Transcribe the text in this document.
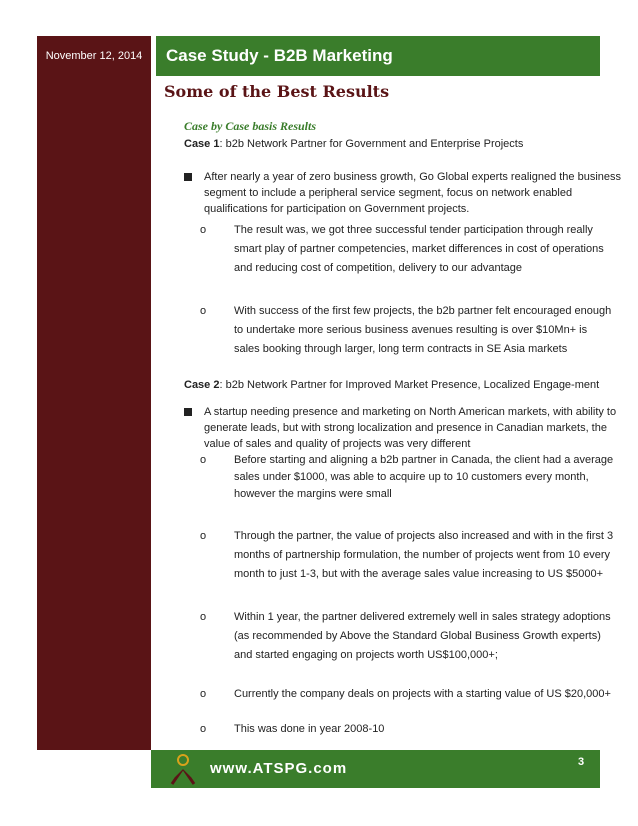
November 12, 2014	Case Study - B2B Marketing
Some of the Best Results
Case by Case basis Results
Case 1: b2b Network Partner for Government and Enterprise Projects
After nearly a year of zero business growth, Go Global experts realigned the business segment to include a peripheral service segment, focus on network enabled qualifications for participation on Government projects.
o	The result was, we got three successful tender participation through really smart play of partner competencies, market differences in cost of operations and reducing cost of competition, delivery to our advantage
o	With success of the first few projects, the b2b partner felt encouraged enough to undertake more serious business avenues resulting is over $10Mn+ is sales booking through larger, long term contracts in SE Asia markets
Case 2: b2b Network Partner for Improved Market Presence, Localized Engage-ment
A startup needing presence and marketing on North American markets, with ability to generate leads, but with strong localization and presence in Canadian markets, the value of sales and quality of projects was very different
o	Before starting and aligning a b2b partner in Canada, the client had a average sales under $1000, was able to acquire up to 10 customers every month, however the margins were small
o	Through the partner, the value of projects also increased and with in the first 3 months of partnership formulation, the number of projects went from 10 every month to just 1-3, but with the average sales value increasing to US $5000+
o	Within 1 year, the partner delivered extremely well in sales strategy adoptions (as recommended by Above the Standard Global Business Growth experts) and started engaging on projects worth US$100,000+;
o	Currently the company deals on projects with a starting value of US $20,000+
o	This was done in year 2008-10
www.ATSPG.com	3
